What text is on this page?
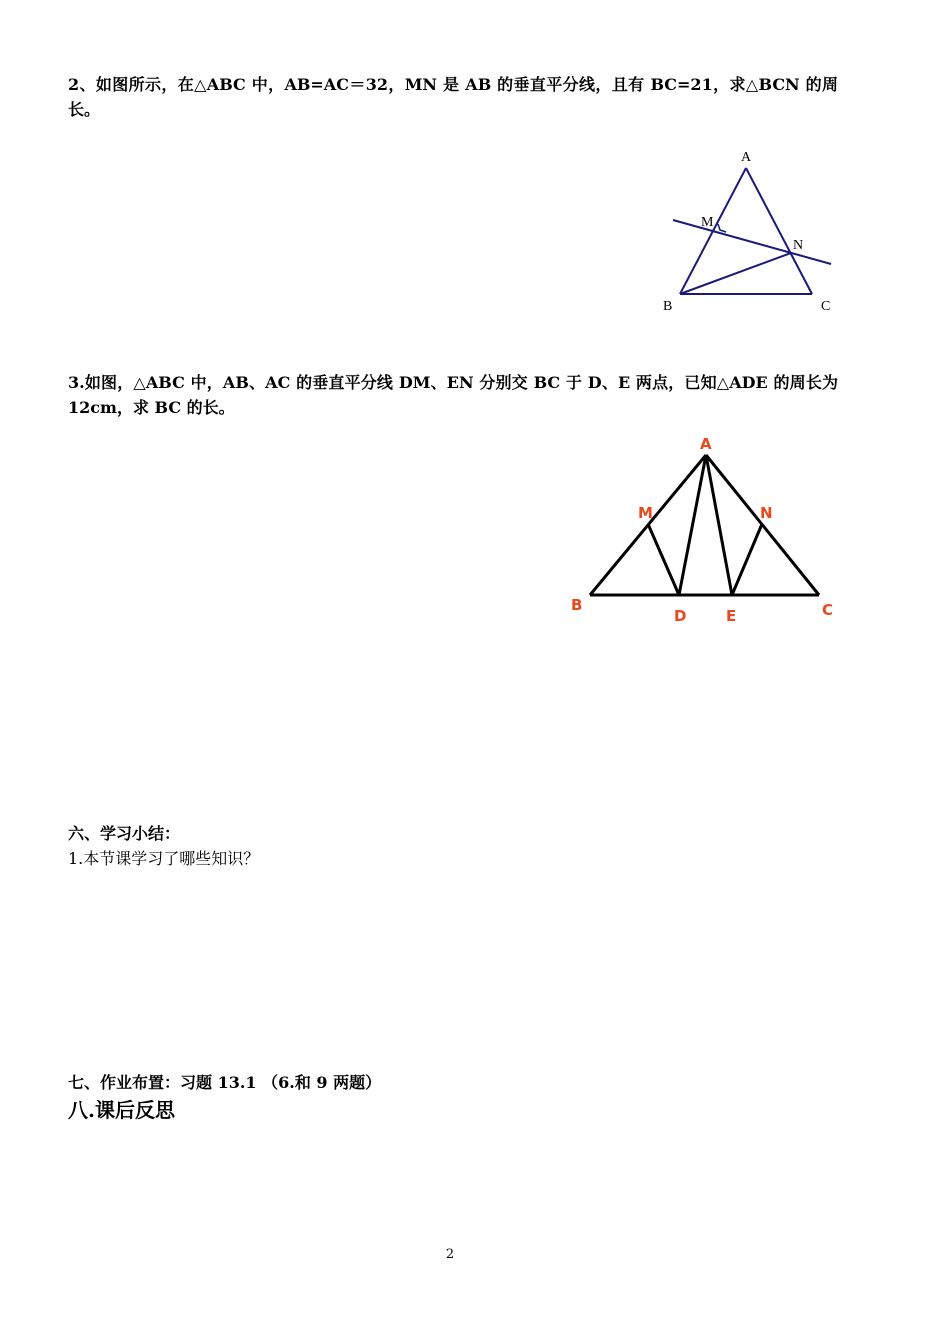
2、如图所示，在△ABC 中，AB=AC＝32，MN 是 AB 的垂直平分线，且有 BC=21，求△BCN 的周长。
A
M
N
B	C
3.如图，△ABC 中，AB、AC 的垂直平分线 DM、EN 分别交 BC 于 D、E 两点，已知△ADE 的周长为 12cm，求 BC 的长。
A
M	N
B
D	E	C
六、学习小结：
1.本节课学习了哪些知识？
七、作业布置：习题 13.1 （6.和 9 两题）
八.课后反思
2
